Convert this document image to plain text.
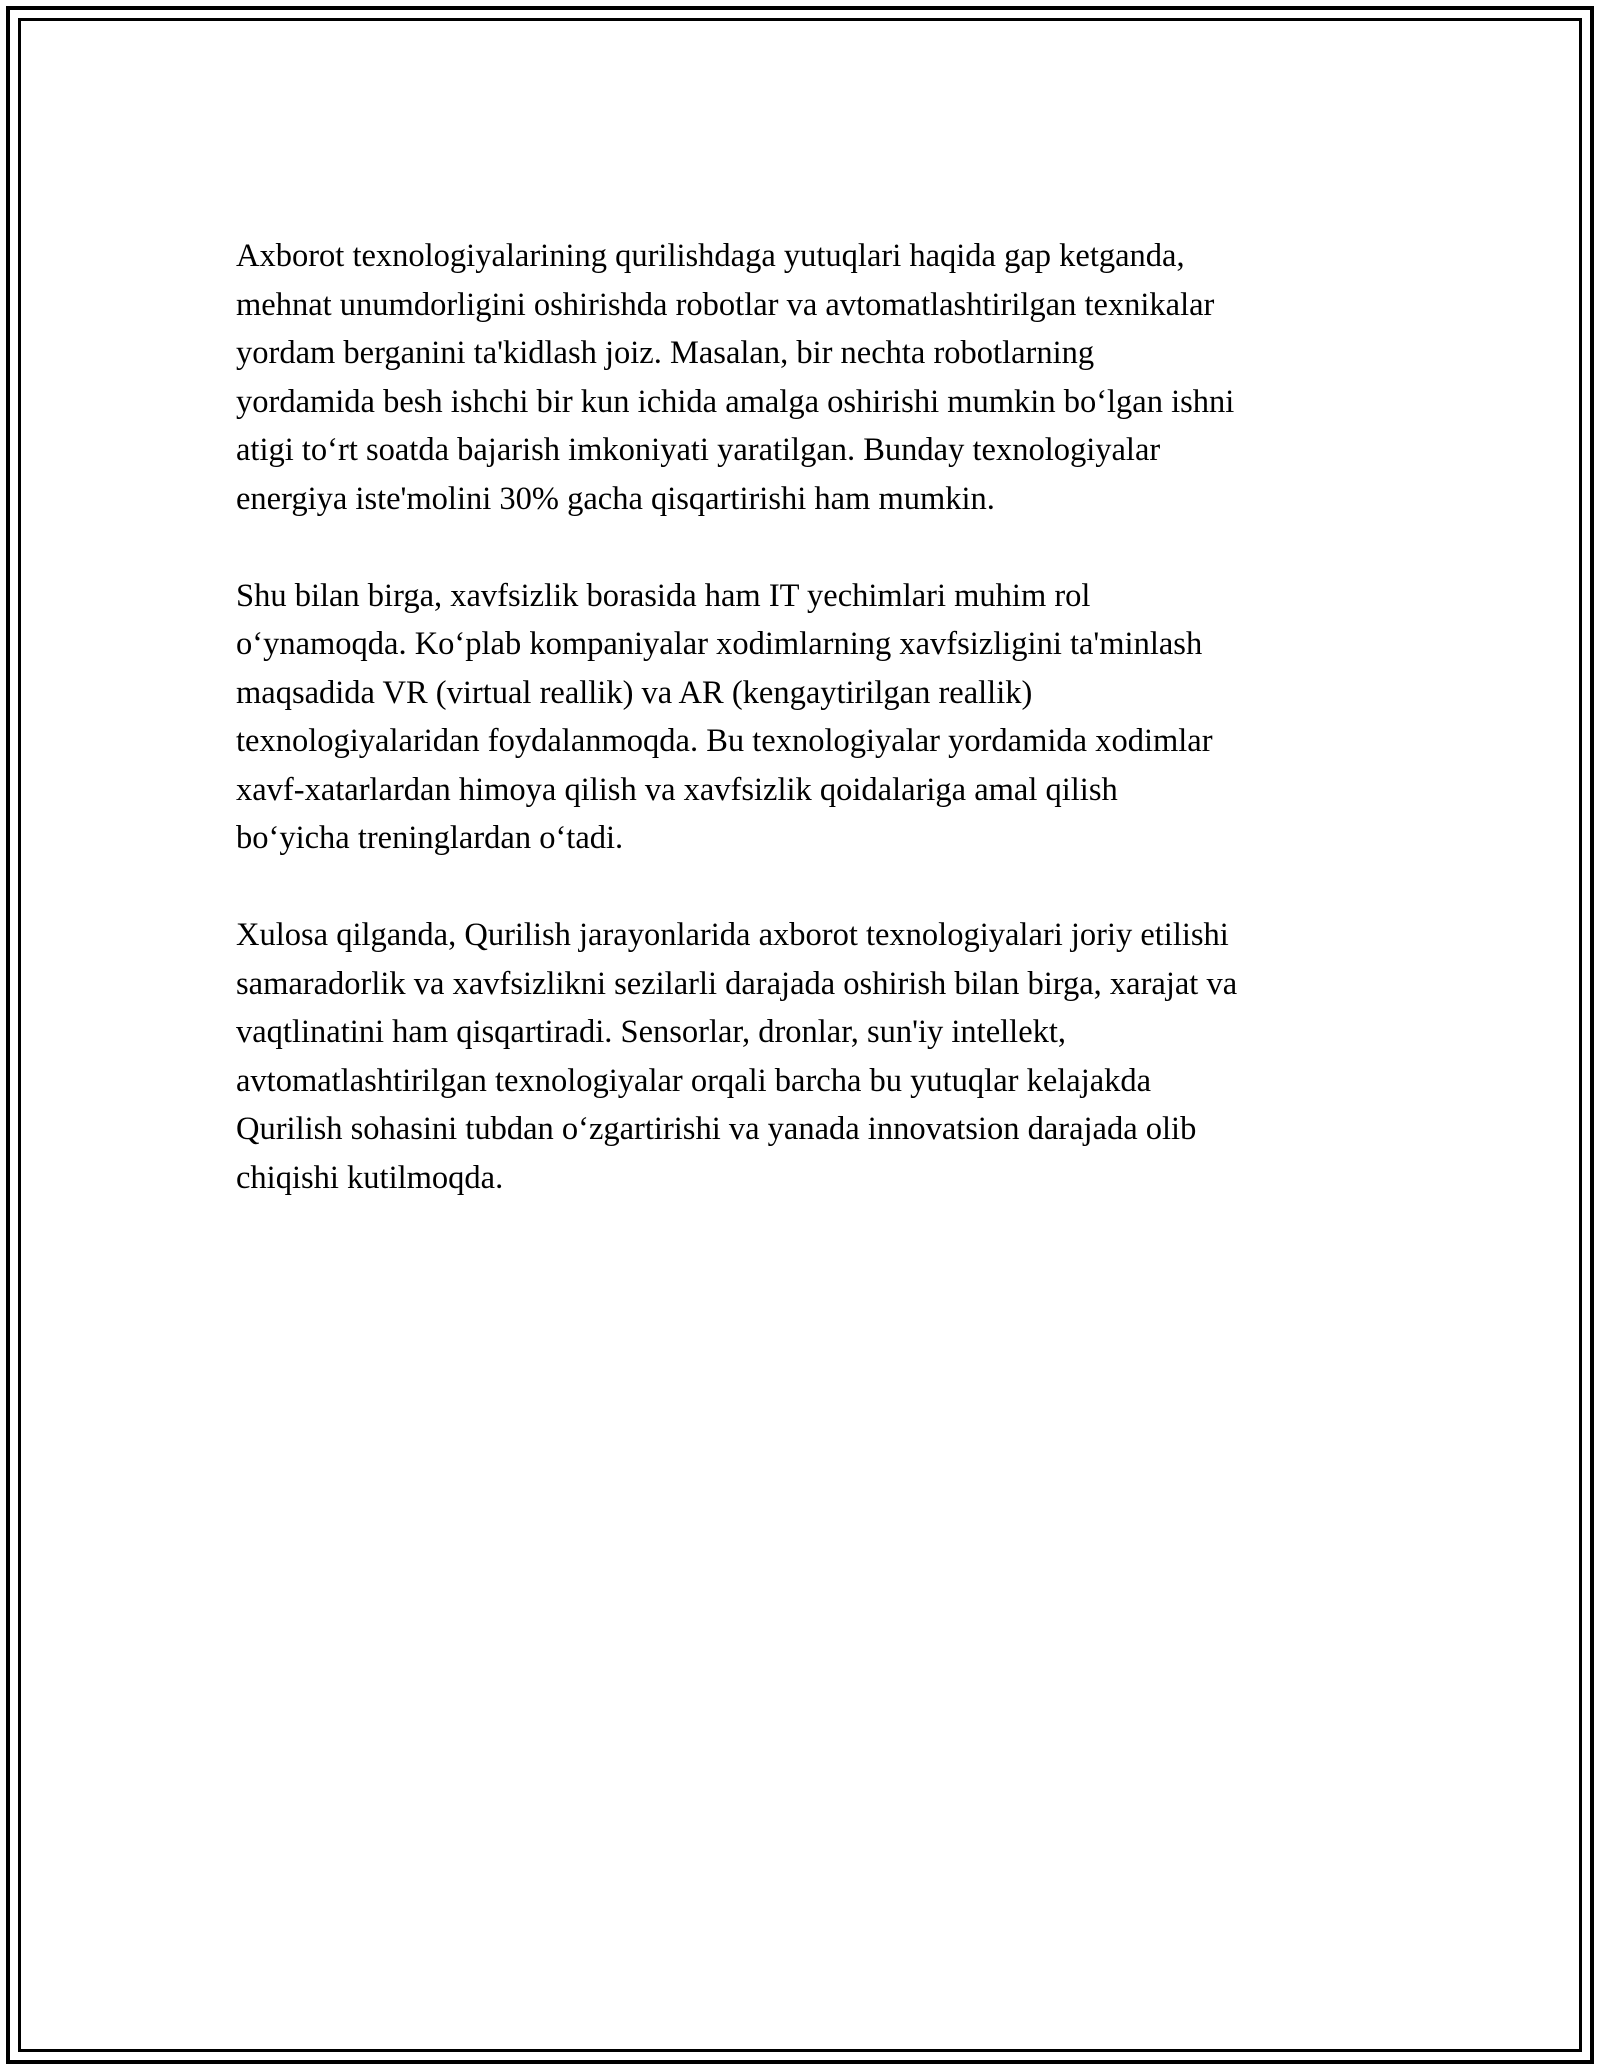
Axborot texnologiyalarining qurilishdaga yutuqlari haqida gap ketganda,
mehnat unumdorligini oshirishda robotlar va avtomatlashtirilgan texnikalar
yordam berganini ta'kidlash joiz. Masalan, bir nechta robotlarning
yordamida besh ishchi bir kun ichida amalga oshirishi mumkin bo‘lgan ishni
atigi to‘rt soatda bajarish imkoniyati yaratilgan. Bunday texnologiyalar
energiya iste'molini 30% gacha qisqartirishi ham mumkin.

Shu bilan birga, xavfsizlik borasida ham IT yechimlari muhim rol
o‘ynamoqda. Ko‘plab kompaniyalar xodimlarning xavfsizligini ta'minlash
maqsadida VR (virtual reallik) va AR (kengaytirilgan reallik)
texnologiyalaridan foydalanmoqda. Bu texnologiyalar yordamida xodimlar
xavf-xatarlardan himoya qilish va xavfsizlik qoidalariga amal qilish
bo‘yicha treninglardan o‘tadi.

Xulosa qilganda, Qurilish jarayonlarida axborot texnologiyalari joriy etilishi
samaradorlik va xavfsizlikni sezilarli darajada oshirish bilan birga, xarajat va
vaqtlinatini ham qisqartiradi. Sensorlar, dronlar, sun'iy intellekt,
avtomatlashtirilgan texnologiyalar orqali barcha bu yutuqlar kelajakda
Qurilish sohasini tubdan o‘zgartirishi va yanada innovatsion darajada olib
chiqishi kutilmoqda.
